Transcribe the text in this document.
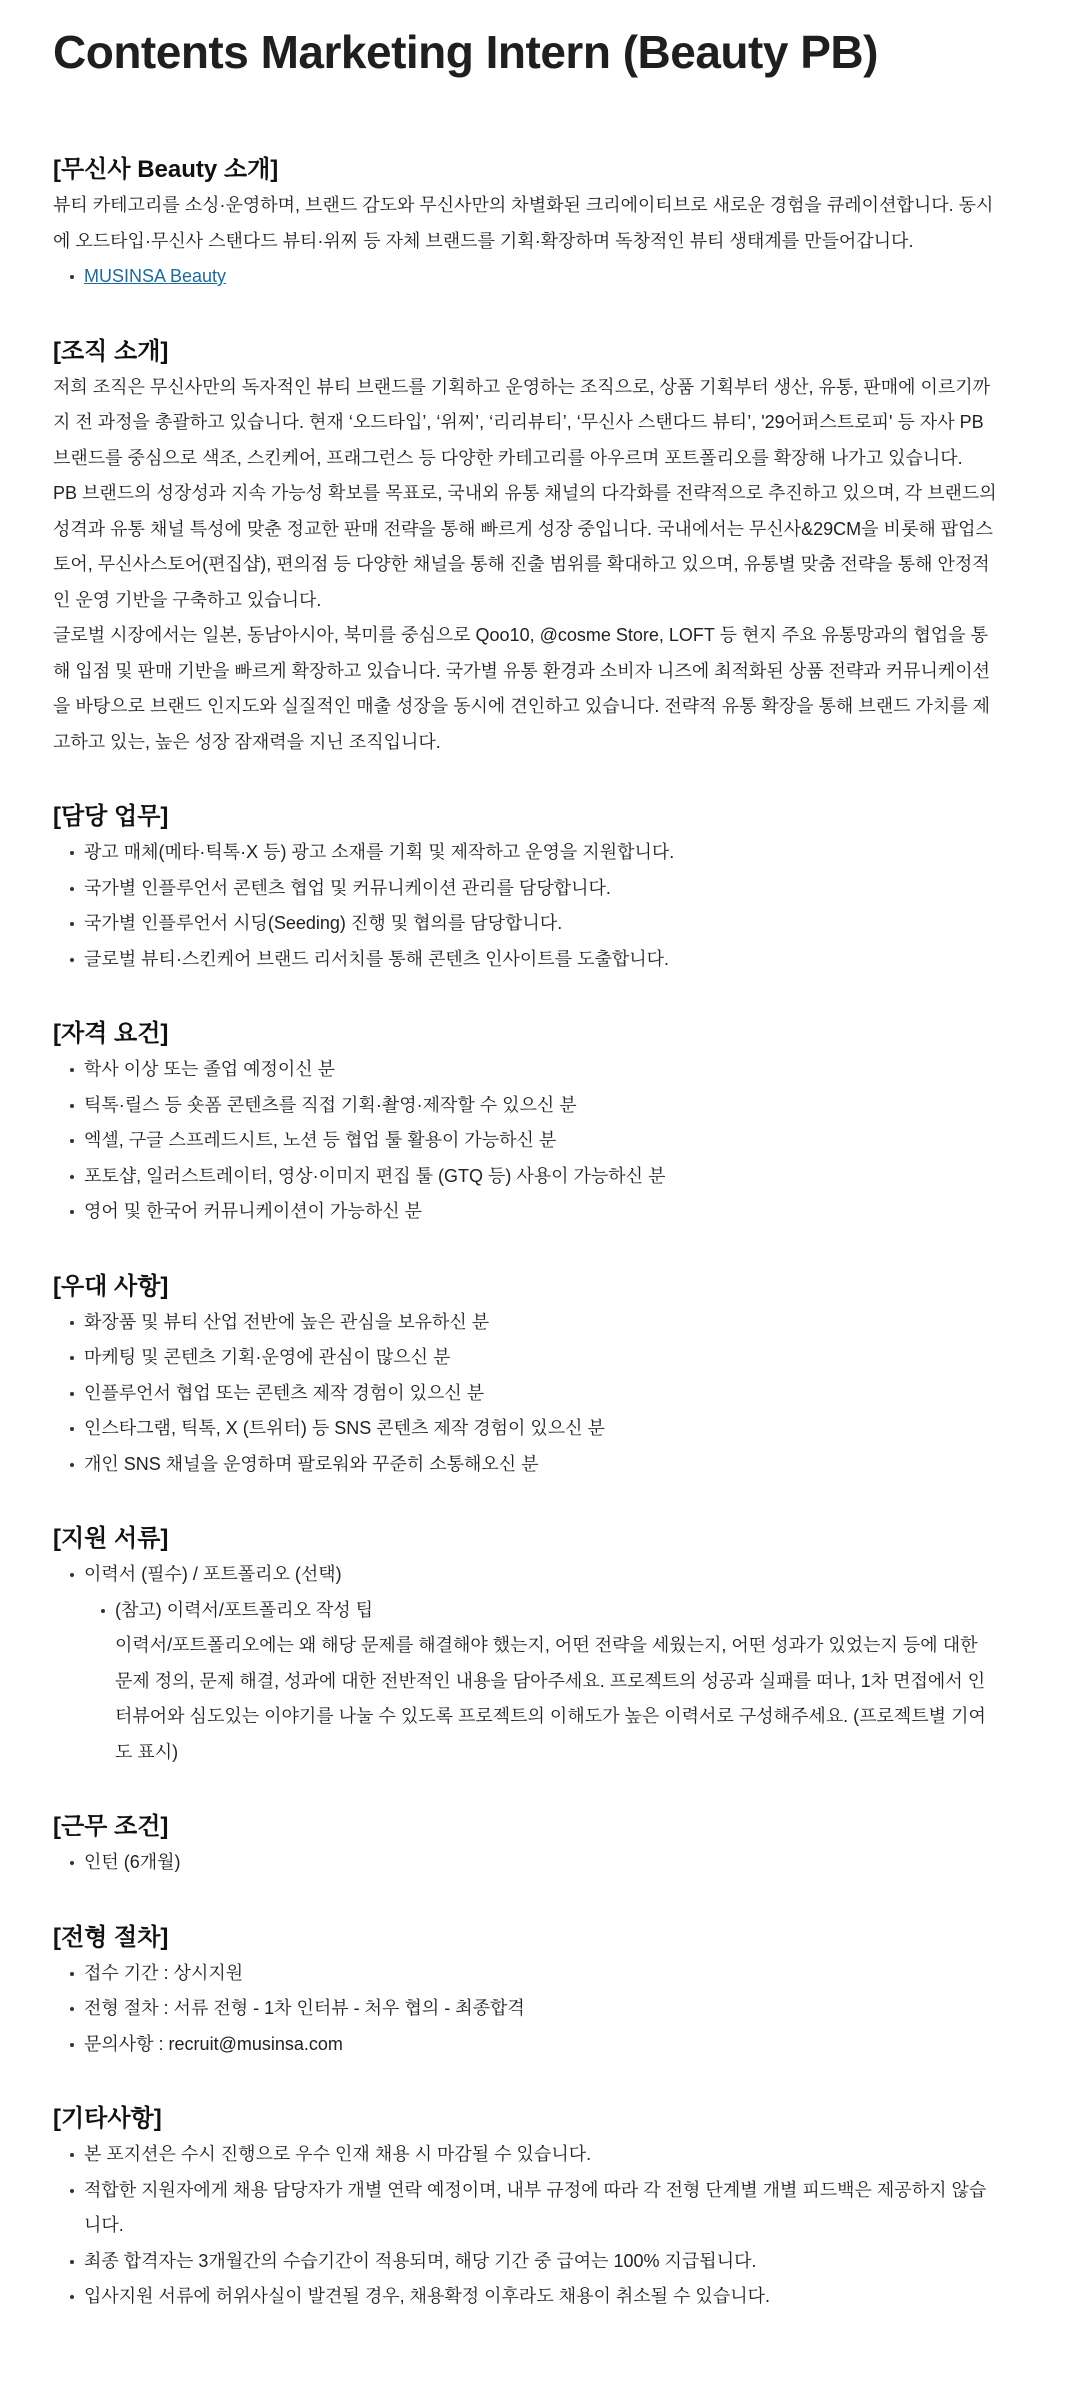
Contents Marketing Intern (Beauty PB)
[무신사 Beauty 소개]

뷰티 카테고리를 소싱·운영하며, 브랜드 감도와 무신사만의 차별화된 크리에이티브로 새로운 경험을 큐레이션합니다. 동시에 오드타입·무신사 스탠다드 뷰티·위찌 등 자체 브랜드를 기획·확장하며 독창적인 뷰티 생태계를 만들어갑니다.

MUSINSA Beauty
[조직 소개]

저희 조직은 무신사만의 독자적인 뷰티 브랜드를 기획하고 운영하는 조직으로, 상품 기획부터 생산, 유통, 판매에 이르기까지 전 과정을 총괄하고 있습니다. 현재 ‘오드타입’, ‘위찌’, ‘리리뷰티’, ‘무신사 스탠다드 뷰티’, '29어퍼스트로피' 등 자사 PB 브랜드를 중심으로 색조, 스킨케어, 프래그런스 등 다양한 카테고리를 아우르며 포트폴리오를 확장해 나가고 있습니다.

PB 브랜드의 성장성과 지속 가능성 확보를 목표로, 국내외 유통 채널의 다각화를 전략적으로 추진하고 있으며, 각 브랜드의 성격과 유통 채널 특성에 맞춘 정교한 판매 전략을 통해 빠르게 성장 중입니다. 국내에서는 무신사&29CM을 비롯해 팝업스토어, 무신사스토어(편집샵), 편의점 등 다양한 채널을 통해 진출 범위를 확대하고 있으며, 유통별 맞춤 전략을 통해 안정적인 운영 기반을 구축하고 있습니다.

글로벌 시장에서는 일본, 동남아시아, 북미를 중심으로 Qoo10, @cosme Store, LOFT 등 현지 주요 유통망과의 협업을 통해 입점 및 판매 기반을 빠르게 확장하고 있습니다. 국가별 유통 환경과 소비자 니즈에 최적화된 상품 전략과 커뮤니케이션을 바탕으로 브랜드 인지도와 실질적인 매출 성장을 동시에 견인하고 있습니다. 전략적 유통 확장을 통해 브랜드 가치를 제고하고 있는, 높은 성장 잠재력을 지닌 조직입니다.

[담당 업무]
광고 매체(메타·틱톡·X 등) 광고 소재를 기획 및 제작하고 운영을 지원합니다.
국가별 인플루언서 콘텐츠 협업 및 커뮤니케이션 관리를 담당합니다.
국가별 인플루언서 시딩(Seeding) 진행 및 협의를 담당합니다.
글로벌 뷰티·스킨케어 브랜드 리서치를 통해 콘텐츠 인사이트를 도출합니다.
[자격 요건]
학사 이상 또는 졸업 예정이신 분
틱톡·릴스 등 숏폼 콘텐츠를 직접 기획·촬영·제작할 수 있으신 분
엑셀, 구글 스프레드시트, 노션 등 협업 툴 활용이 가능하신 분
포토샵, 일러스트레이터, 영상·이미지 편집 툴 (GTQ 등) 사용이 가능하신 분
영어 및 한국어 커뮤니케이션이 가능하신 분
[우대 사항]
화장품 및 뷰티 산업 전반에 높은 관심을 보유하신 분
마케팅 및 콘텐츠 기획·운영에 관심이 많으신 분
인플루언서 협업 또는 콘텐츠 제작 경험이 있으신 분
인스타그램, 틱톡, X (트위터) 등 SNS 콘텐츠 제작 경험이 있으신 분
개인 SNS 채널을 운영하며 팔로워와 꾸준히 소통해오신 분
[지원 서류]
이력서 (필수) / 포트폴리오 (선택)
(참고) 이력서/포트폴리오 작성 팁
이력서/포트폴리오에는 왜 해당 문제를 해결해야 했는지, 어떤 전략을 세웠는지, 어떤 성과가 있었는지 등에 대한 문제 정의, 문제 해결, 성과에 대한 전반적인 내용을 담아주세요. 프로젝트의 성공과 실패를 떠나, 1차 면접에서 인터뷰어와 심도있는 이야기를 나눌 수 있도록 프로젝트의 이해도가 높은 이력서로 구성해주세요. (프로젝트별 기여도 표시)
[근무 조건]
인턴 (6개월)
[전형 절차]
접수 기간 : 상시지원
전형 절차 : 서류 전형 - 1차 인터뷰 - 처우 협의 - 최종합격
문의사항 : recruit@musinsa.com
[기타사항]
본 포지션은 수시 진행으로 우수 인재 채용 시 마감될 수 있습니다.
적합한 지원자에게 채용 담당자가 개별 연락 예정이며, 내부 규정에 따라 각 전형 단계별 개별 피드백은 제공하지 않습니다.
최종 합격자는 3개월간의 수습기간이 적용되며, 해당 기간 중 급여는 100% 지급됩니다.
입사지원 서류에 허위사실이 발견될 경우, 채용확정 이후라도 채용이 취소될 수 있습니다.
